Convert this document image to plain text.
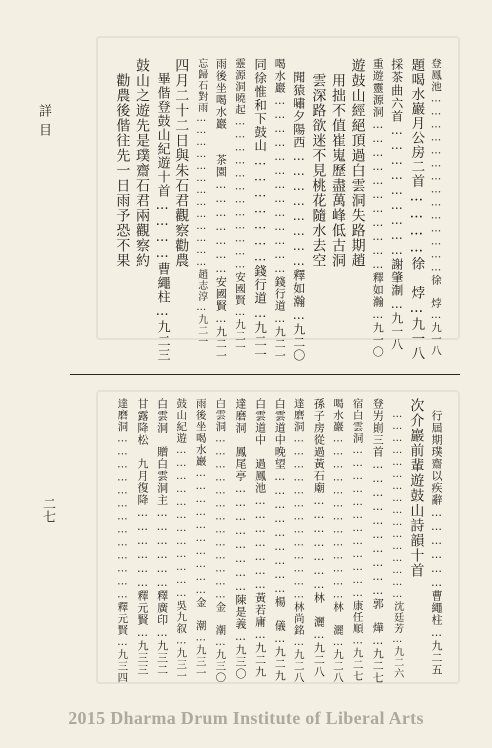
詳目
二七
登鳳池……………………………………徐　㶿…九一八
題喝水巖月公房二首…………徐　㶿…九一八
採茶曲六首………………………謝肇淛…九一八
重遊靈源洞……………………………釋如瀚…九一〇
遊鼓山經絕頂過白雲洞失路期趙
　用拙不值崔嵬歷盡萬峰低古洞
　雲深路欲迷不見桃花隨水去空
　聞猿嘯夕陽西……………………釋如瀚…九二〇
喝水巖…………………………………錢行道…九二一
同徐惟和下鼓山…………………錢行道…九二一
靈源洞曉起………………………………安國賢…九二一
雨後坐喝水巖　　茶園…………………安國賢…九二一
忘歸石對雨…………………………………趙志淳…九二一
四月二十二日與朱石君觀察勸農
　畢偕登鼓山紀遊十首…………曹繩柱…九二三
鼓山之遊先是璞齋石君兩觀察約
　勸農後偕往先一日雨予恐不果
　行屆期璞齋以疾辭………………曹繩柱…九二五
次介巖前輩遊鼓山詩韻十首
　…………………………………………沈廷芳…九二六
登屴崱三首…………………………郭　燁…九二七
宿白雲洞………………………………康任順…九二七
喝水巖…………………………………林　灑…九二八
孫子房從過黃石廟…………………林　灑…九二八
達磨洞…………………………………林尚銘…九二八
白雲道中晚望………………………楊　儀…九二九
白雲道中　過鳳池…………………黃若庸…九二九
達磨洞　鳳尾亭……………………陳是義…九三〇
白雲洞…………………………………金　潮…九三〇
雨後坐喝水巖…………………………金　潮…九三一
鼓山紀遊………………………………吳九叙…九三一
白雲洞　贈白雲洞主………………釋廣印…九三二
甘露降松　九月復降………………釋元賢…九三三
達磨洞…………………………………釋元賢…九三四
2015 Dharma Drum Institute of Liberal Arts
